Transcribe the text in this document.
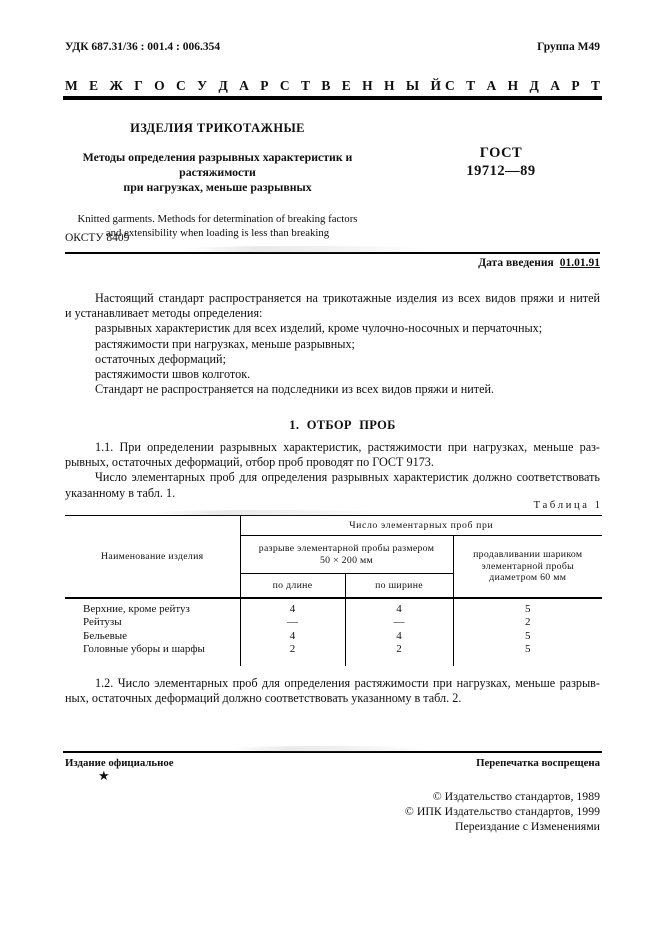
УДК 687.31/36 : 001.4 : 006.354	Группа М49
М Е Ж Г О С У Д А Р С Т В Е Н Н Ы Й С Т А Н Д А Р Т
ИЗДЕЛИЯ ТРИКОТАЖНЫЕ
Методы определения разрывных характеристик и растяжимости
при нагрузках, меньше разрывных
Knitted garments. Methods for determination of breaking factors
and extensibility when loading is less than breaking
ГОСТ
19712—89
ОКСТУ 8409
Дата введения 01.01.91
Настоящий стандарт распространяется на трикотажные изделия из всех видов пряжи и нитей
и устанавливает методы определения:
разрывных характеристик для всех изделий, кроме чулочно-носочных и перчаточных;
растяжимости при нагрузках, меньше разрывных;
остаточных деформаций;
растяжимости швов колготок.
Стандарт не распространяется на подследники из всех видов пряжи и нитей.
1. ОТБОР ПРОБ
1.1. При определении разрывных характеристик, растяжимости при нагрузках, меньше раз-
рывных, остаточных деформаций, отбор проб проводят по ГОСТ 9173.
Число элементарных проб для определения разрывных характеристик должно соответствовать
указанному в табл. 1.
Т а б л и ц а   1
Наименование изделия	Число элементарных проб при		

разрыве элементарной пробы размером
50 × 200 мм	продавливании шариком
элементарной пробы
диаметром 60 мм

	по длине	по ширине	
Верхние, кроме рейтуз	4	4	5
Рейтузы	—	—	2
Бельевые	4	4	5
Головные уборы и шарфы	2	2	5

1.2. Число элементарных проб для определения растяжимости при нагрузках, меньше разрыв-
ных, остаточных деформаций должно соответствовать указанному в табл. 2.
Издание официальное	Перепечатка воспрещена
★
© Издательство стандартов, 1989
© ИПК Издательство стандартов, 1999
Переиздание с Изменениями
